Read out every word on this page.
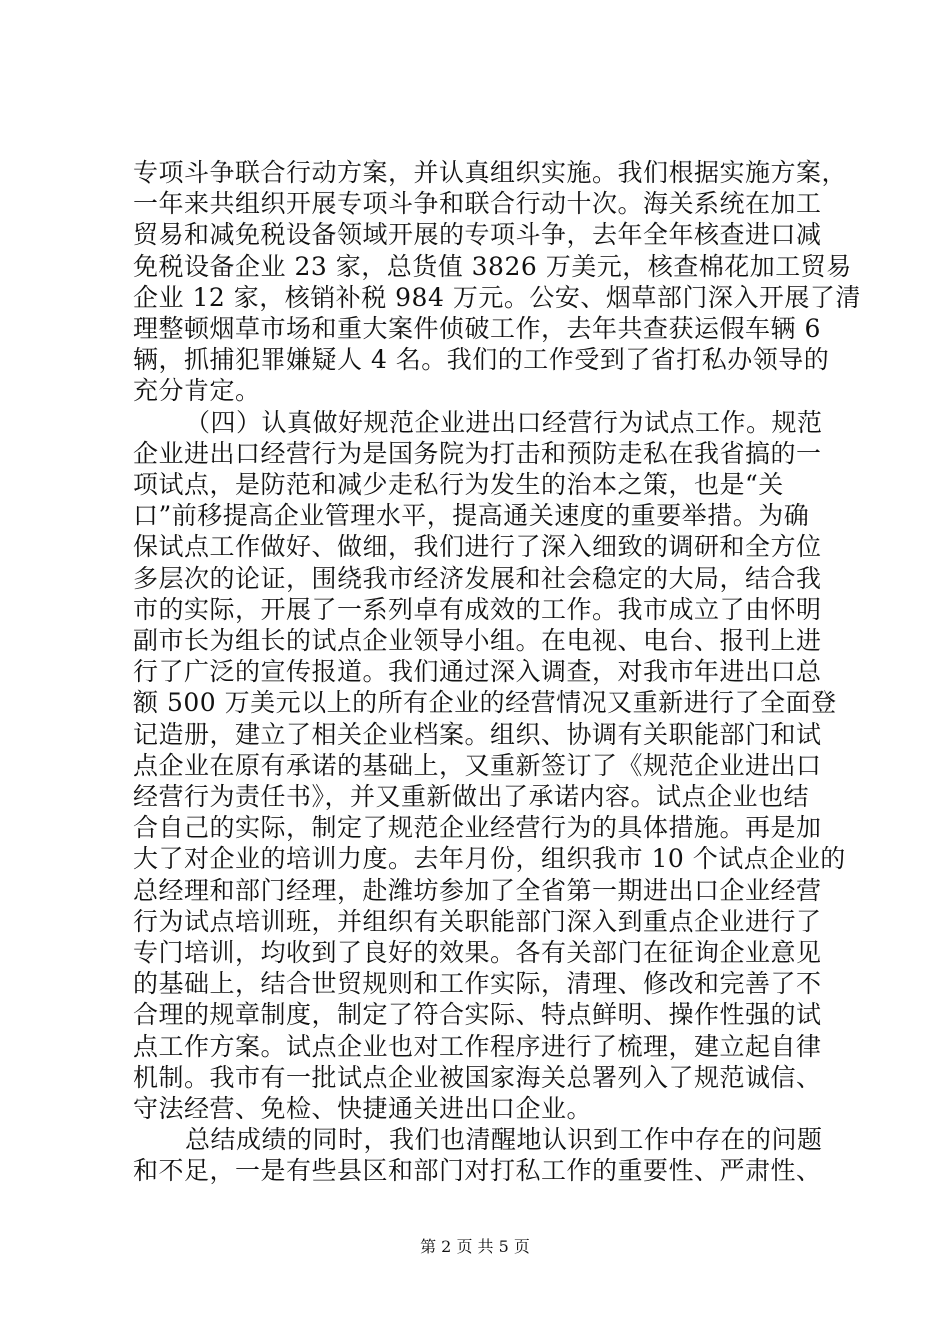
专项斗争联合行动方案，并认真组织实施。我们根据实施方案，
一年来共组织开展专项斗争和联合行动十次。海关系统在加工
贸易和减免税设备领域开展的专项斗争，去年全年核查进口减
免税设备企业 23 家，总货值 3826 万美元，核查棉花加工贸易
企业 12 家，核销补税 984 万元。公安、烟草部门深入开展了清
理整顿烟草市场和重大案件侦破工作，去年共查获运假车辆 6
辆，抓捕犯罪嫌疑人 4 名。我们的工作受到了省打私办领导的
充分肯定。
（四）认真做好规范企业进出口经营行为试点工作。规范
企业进出口经营行为是国务院为打击和预防走私在我省搞的一
项试点，是防范和减少走私行为发生的治本之策，也是“关
口”前移提高企业管理水平，提高通关速度的重要举措。为确
保试点工作做好、做细，我们进行了深入细致的调研和全方位
多层次的论证，围绕我市经济发展和社会稳定的大局，结合我
市的实际，开展了一系列卓有成效的工作。我市成立了由怀明
副市长为组长的试点企业领导小组。在电视、电台、报刊上进
行了广泛的宣传报道。我们通过深入调查，对我市年进出口总
额 500 万美元以上的所有企业的经营情况又重新进行了全面登
记造册，建立了相关企业档案。组织、协调有关职能部门和试
点企业在原有承诺的基础上，又重新签订了《规范企业进出口
经营行为责任书》，并又重新做出了承诺内容。试点企业也结
合自己的实际，制定了规范企业经营行为的具体措施。再是加
大了对企业的培训力度。去年月份，组织我市 10 个试点企业的
总经理和部门经理，赴潍坊参加了全省第一期进出口企业经营
行为试点培训班，并组织有关职能部门深入到重点企业进行了
专门培训，均收到了良好的效果。各有关部门在征询企业意见
的基础上，结合世贸规则和工作实际，清理、修改和完善了不
合理的规章制度，制定了符合实际、特点鲜明、操作性强的试
点工作方案。试点企业也对工作程序进行了梳理，建立起自律
机制。我市有一批试点企业被国家海关总署列入了规范诚信、
守法经营、免检、快捷通关进出口企业。
总结成绩的同时，我们也清醒地认识到工作中存在的问题
和不足，一是有些县区和部门对打私工作的重要性、严肃性、
第 2 页 共 5 页
